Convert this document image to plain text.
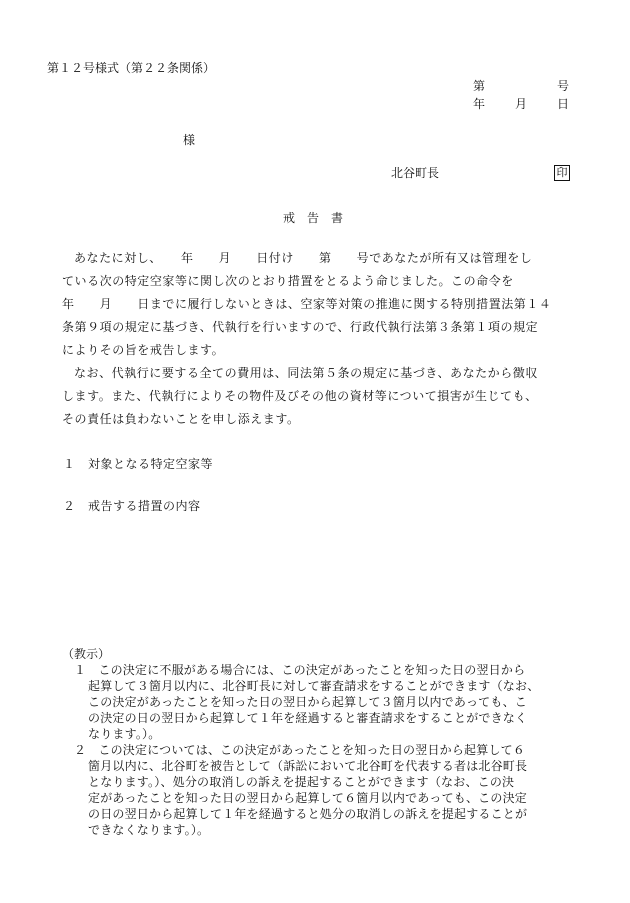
第１２号様式（第２２条関係）
第	号
年 月 日
様
北谷町長	印
戒　告　書
あなたに対し、　　年　　月　　日付け　　第　　号であなたが所有又は管理をし
ている次の特定空家等に関し次のとおり措置をとるよう命じました。この命令を
年　　月　　日までに履行しないときは、空家等対策の推進に関する特別措置法第１４
条第９項の規定に基づき、代執行を行いますので、行政代執行法第３条第１項の規定
によりその旨を戒告します。
なお、代執行に要する全ての費用は、同法第５条の規定に基づき、あなたから徴収
します。また、代執行によりその物件及びその他の資材等について損害が生じても、
その責任は負わないことを申し添えます。
１　対象となる特定空家等
２　戒告する措置の内容
（教示）
１　この決定に不服がある場合には、この決定があったことを知った日の翌日から
起算して３箇月以内に、北谷町長に対して審査請求をすることができます（なお、
この決定があったことを知った日の翌日から起算して３箇月以内であっても、こ
の決定の日の翌日から起算して１年を経過すると審査請求をすることができなく
なります。）。
２　この決定については、この決定があったことを知った日の翌日から起算して６
箇月以内に、北谷町を被告として（訴訟において北谷町を代表する者は北谷町長
となります。）、処分の取消しの訴えを提起することができます（なお、この決
定があったことを知った日の翌日から起算して６箇月以内であっても、この決定
の日の翌日から起算して１年を経過すると処分の取消しの訴えを提起することが
できなくなります。）。
